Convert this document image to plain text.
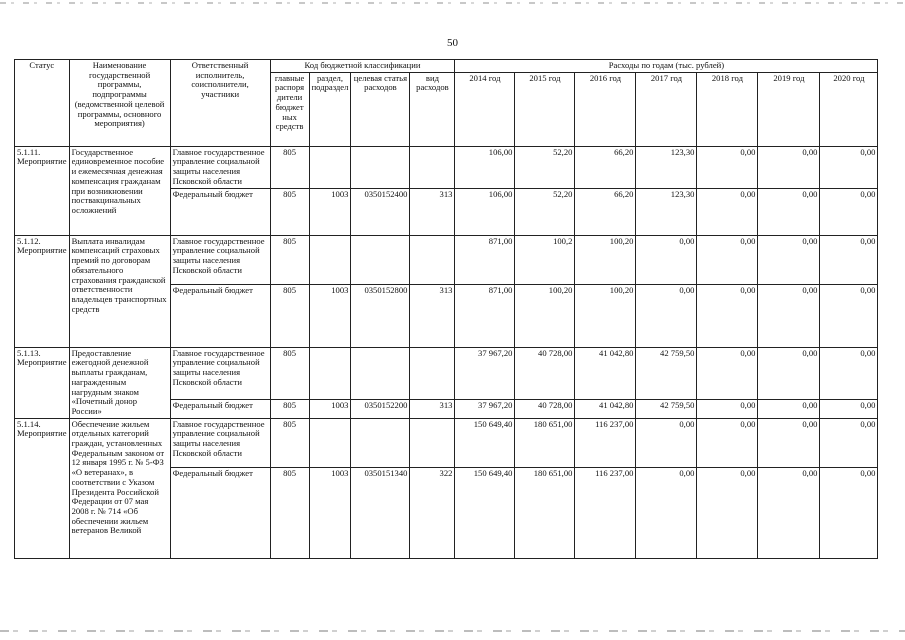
50
Статус	Наименование государственной программы, подпрограммы (ведомственной целевой программы, основного мероприятия)	Ответственный исполнитель, соисполнители, участники	Код бюджетной классификации				Расходы по годам (тыс. рублей)						
			главные распоря дители бюджет ных средств	раздел, подраздел	целевая статья расходов	вид расходов	2014 год	2015 год	2016 год	2017 год	2018 год	2019 год	2020 год
5.1.11. Мероприятие	Государственное единовременное пособие и ежемесячная денежная компенсация гражданам при возникновении поствакцинальных осложнений	Главное государственное управление социальной защиты населения Псковской области	805				106,00	52,20	66,20	123,30	0,00	0,00	0,00
		Федеральный бюджет	805	1003	0350152400	313	106,00	52,20	66,20	123,30	0,00	0,00	0,00
5.1.12. Мероприятие	Выплата инвалидам компенсаций страховых премий по договорам обязательного страхования гражданской ответственности владельцев транспортных средств	Главное государственное управление социальной защиты населения Псковской области	805				871,00	100,2	100,20	0,00	0,00	0,00	0,00
		Федеральный бюджет	805	1003	0350152800	313	871,00	100,20	100,20	0,00	0,00	0,00	0,00
5.1.13. Мероприятие	Предоставление ежегодной денежной выплаты гражданам, награжденным нагрудным знаком «Почетный донор России»	Главное государственное управление социальной защиты населения Псковской области	805				37 967,20	40 728,00	41 042,80	42 759,50	0,00	0,00	0,00
		Федеральный бюджет	805	1003	0350152200	313	37 967,20	40 728,00	41 042,80	42 759,50	0,00	0,00	0,00
5.1.14. Мероприятие	Обеспечение жильем отдельных категорий граждан, установленных Федеральным законом от 12 января 1995 г. № 5-ФЗ «О ветеранах», в соответствии с Указом Президента Российской Федерации от 07 мая 2008 г. № 714 «Об обеспечении жильем ветеранов Великой	Главное государственное управление социальной защиты населения Псковской области	805				150 649,40	180 651,00	116 237,00	0,00	0,00	0,00	0,00
		Федеральный бюджет	805	1003	0350151340	322	150 649,40	180 651,00	116 237,00	0,00	0,00	0,00	0,00
